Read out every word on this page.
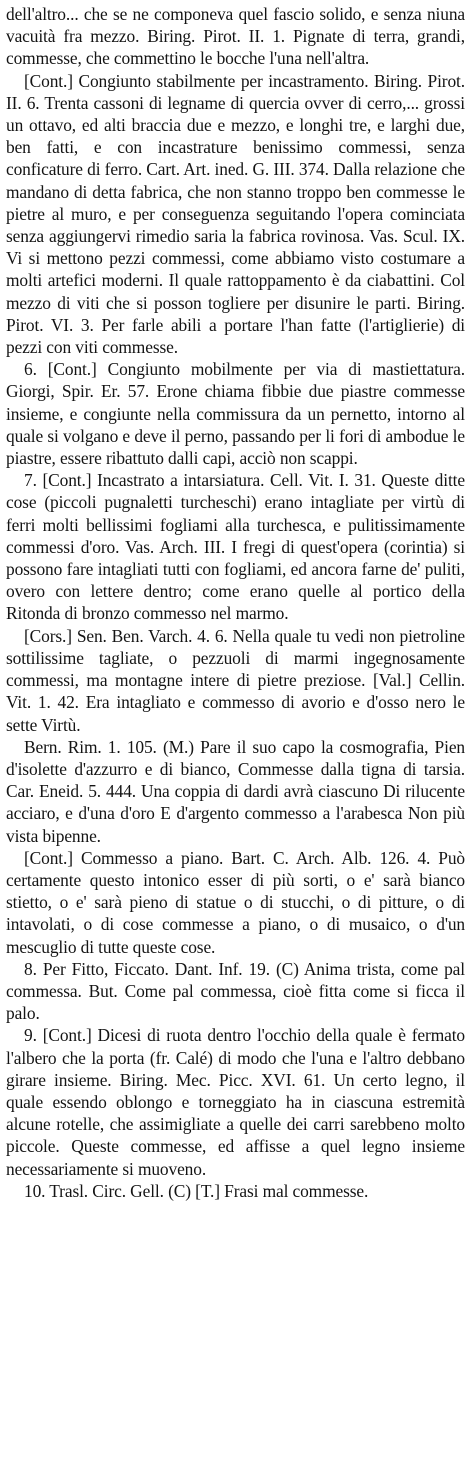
dell'altro... che se ne componeva quel fascio solido, e senza niuna vacuità fra mezzo. Biring. Pirot. II. 1. Pignate di terra, grandi, commesse, che commettino le bocche l'una nell'altra.

[Cont.] Congiunto stabilmente per incastramento. Biring. Pirot. II. 6. Trenta cassoni di legname di quercia ovver di cerro,... grossi un ottavo, ed alti braccia due e mezzo, e longhi tre, e larghi due, ben fatti, e con incastrature benissimo commessi, senza conficature di ferro. Cart. Art. ined. G. III. 374. Dalla relazione che mandano di detta fabrica, che non stanno troppo ben commesse le pietre al muro, e per conseguenza seguitando l'opera cominciata senza aggiungervi rimedio saria la fabrica rovinosa. Vas. Scul. IX. Vi si mettono pezzi commessi, come abbiamo visto costumare a molti artefici moderni. Il quale rattoppamento è da ciabattini. Col mezzo di viti che si posson togliere per disunire le parti. Biring. Pirot. VI. 3. Per farle abili a portare l'han fatte (l'artiglierie) di pezzi con viti commesse.

6. [Cont.] Congiunto mobilmente per via di mastiettatura. Giorgi, Spir. Er. 57. Erone chiama fibbie due piastre commesse insieme, e congiunte nella commissura da un pernetto, intorno al quale si volgano e deve il perno, passando per li fori di ambodue le piastre, essere ribattuto dalli capi, acciò non scappi.

7. [Cont.] Incastrato a intarsiatura. Cell. Vit. I. 31. Queste ditte cose (piccoli pugnaletti turcheschi) erano intagliate per virtù di ferri molti bellissimi fogliami alla turchesca, e pulitissimamente commessi d'oro. Vas. Arch. III. I fregi di quest'opera (corintia) si possono fare intagliati tutti con fogliami, ed ancora farne de' puliti, overo con lettere dentro; come erano quelle al portico della Ritonda di bronzo commesso nel marmo.

[Cors.] Sen. Ben. Varch. 4. 6. Nella quale tu vedi non pietroline sottilissime tagliate, o pezzuoli di marmi ingegnosamente commessi, ma montagne intere di pietre preziose. [Val.] Cellin. Vit. 1. 42. Era intagliato e commesso di avorio e d'osso nero le sette Virtù.

Bern. Rim. 1. 105. (M.) Pare il suo capo la cosmografia, Pien d'isolette d'azzurro e di bianco, Commesse dalla tigna di tarsia. Car. Eneid. 5. 444. Una coppia di dardi avrà ciascuno Di rilucente acciaro, e d'una d'oro E d'argento commesso a l'arabesca Non più vista bipenne.

[Cont.] Commesso a piano. Bart. C. Arch. Alb. 126. 4. Può certamente questo intonico esser di più sorti, o e' sarà bianco stietto, o e' sarà pieno di statue o di stucchi, o di pitture, o di intavolati, o di cose commesse a piano, o di musaico, o d'un mescuglio di tutte queste cose.

8. Per Fitto, Ficcato. Dant. Inf. 19. (C) Anima trista, come pal commessa. But. Come pal commessa, cioè fitta come si ficca il palo.

9. [Cont.] Dicesi di ruota dentro l'occhio della quale è fermato l'albero che la porta (fr. Calé) di modo che l'una e l'altro debbano girare insieme. Biring. Mec. Picc. XVI. 61. Un certo legno, il quale essendo oblongo e torneggiato ha in ciascuna estremità alcune rotelle, che assimigliate a quelle dei carri sarebbeno molto piccole. Queste commesse, ed affisse a quel legno insieme necessariamente si muoveno.

10. Trasl. Circ. Gell. (C) [T.] Frasi mal commesse.
